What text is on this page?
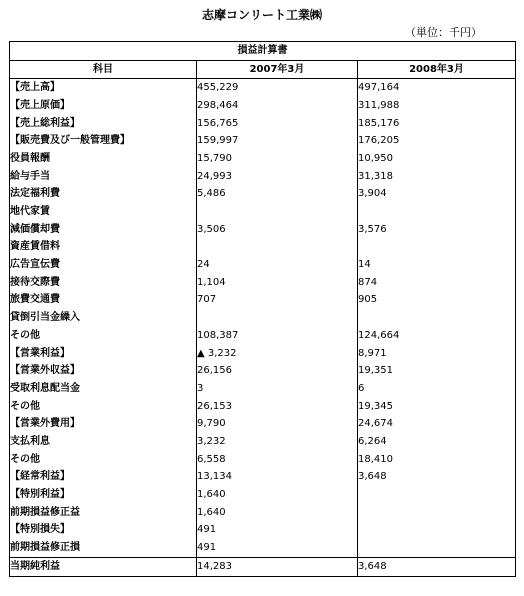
志摩コンリート工業㈱
（単位：千円）
損益計算書		
科目	2007年3月	2008年3月
【売上高】	455,229	497,164
【売上原価】	298,464	311,988
【売上総利益】	156,765	185,176
【販売費及び一般管理費】	159,997	176,205
役員報酬	15,790	10,950
給与手当	24,993	31,318
法定福利費	5,486	3,904
地代家賃		
減価償却費	3,506	3,576
資産賃借料		
広告宣伝費	24	14
接待交際費	1,104	874
旅費交通費	707	905
貸倒引当金繰入		
その他	108,387	124,664
【営業利益】	▲ 3,232	8,971
【営業外収益】	26,156	19,351
受取利息配当金	3	6
その他	26,153	19,345
【営業外費用】	9,790	24,674
支払利息	3,232	6,264
その他	6,558	18,410
【経常利益】	13,134	3,648
【特別利益】	1,640	
前期損益修正益	1,640	
【特別損失】	491	
前期損益修正損	491	
当期純利益	14,283	3,648
